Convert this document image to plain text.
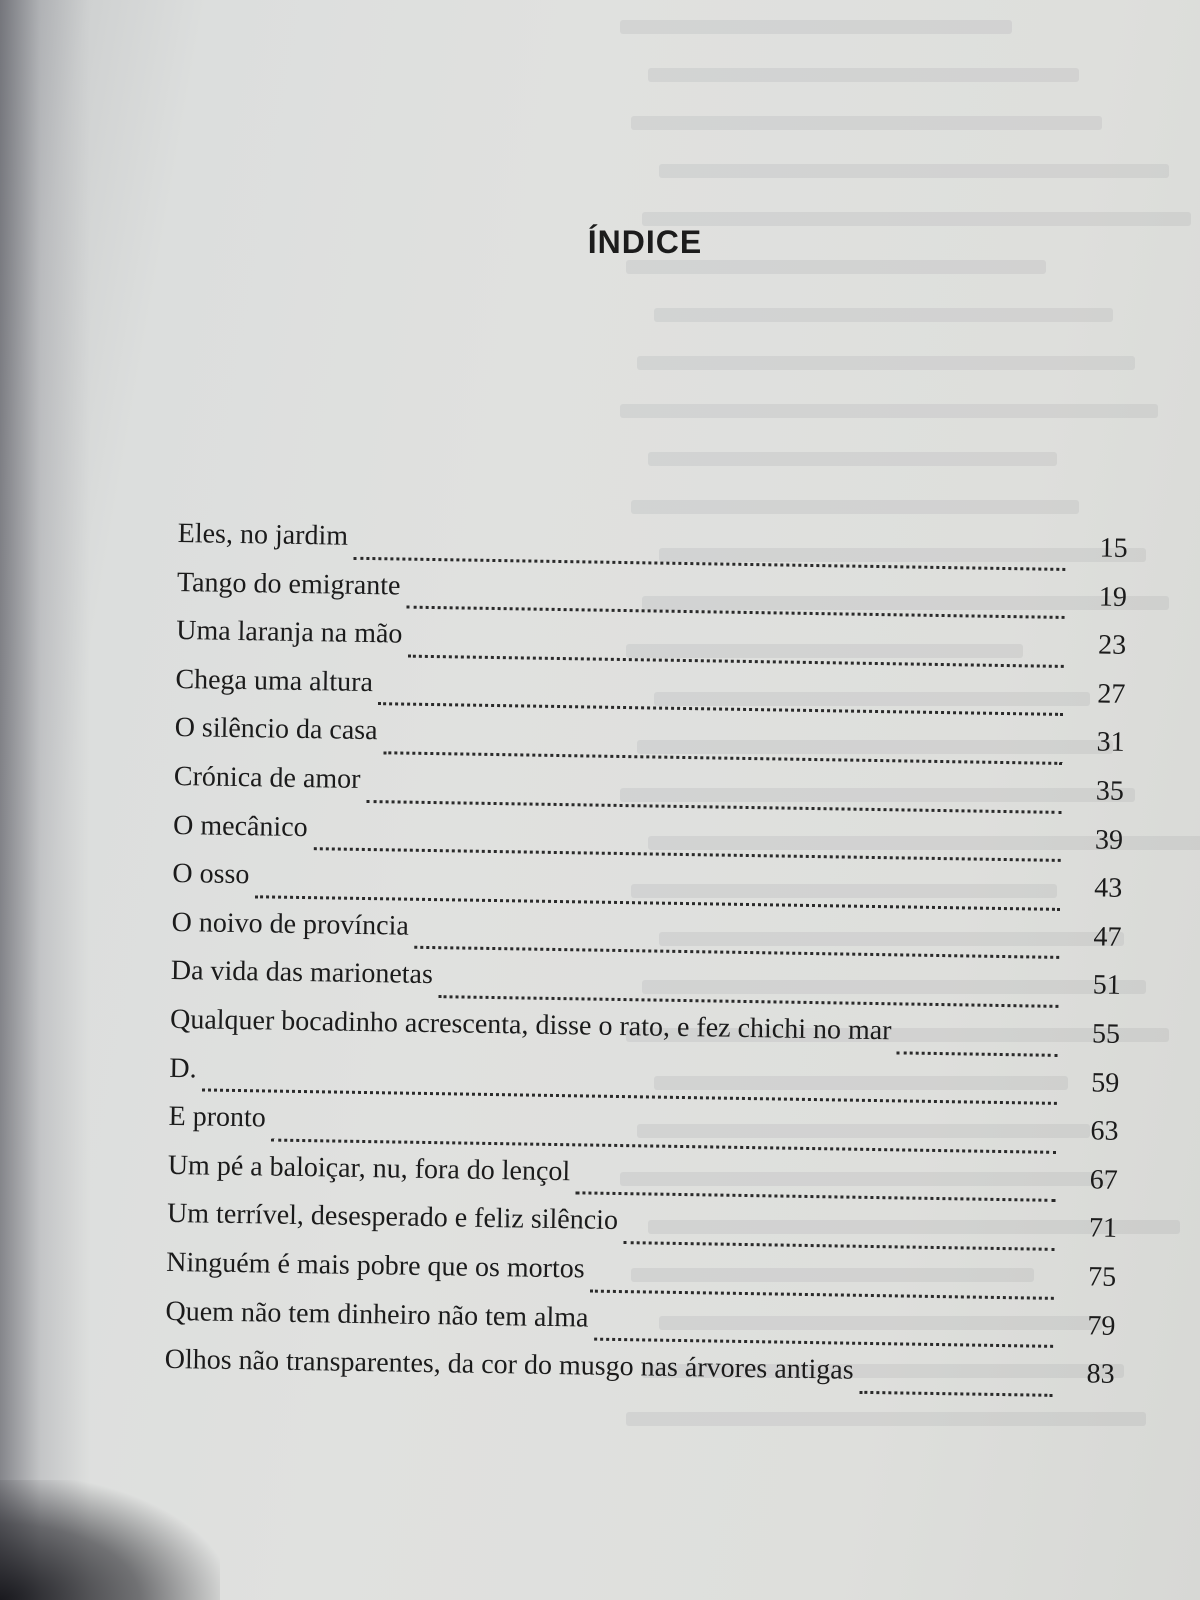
ÍNDICE
Eles, no jardim	15
Tango do emigrante	19
Uma laranja na mão	23
Chega uma altura	27
O silêncio da casa	31
Crónica de amor	35
O mecânico	39
O osso	43
O noivo de província	47
Da vida das marionetas	51
Qualquer bocadinho acrescenta, disse o rato, e fez chichi no mar	55
D.	59
E pronto	63
Um pé a baloiçar, nu, fora do lençol	67
Um terrível, desesperado e feliz silêncio	71
Ninguém é mais pobre que os mortos	75
Quem não tem dinheiro não tem alma	79
Olhos não transparentes, da cor do musgo nas árvores antigas	83
